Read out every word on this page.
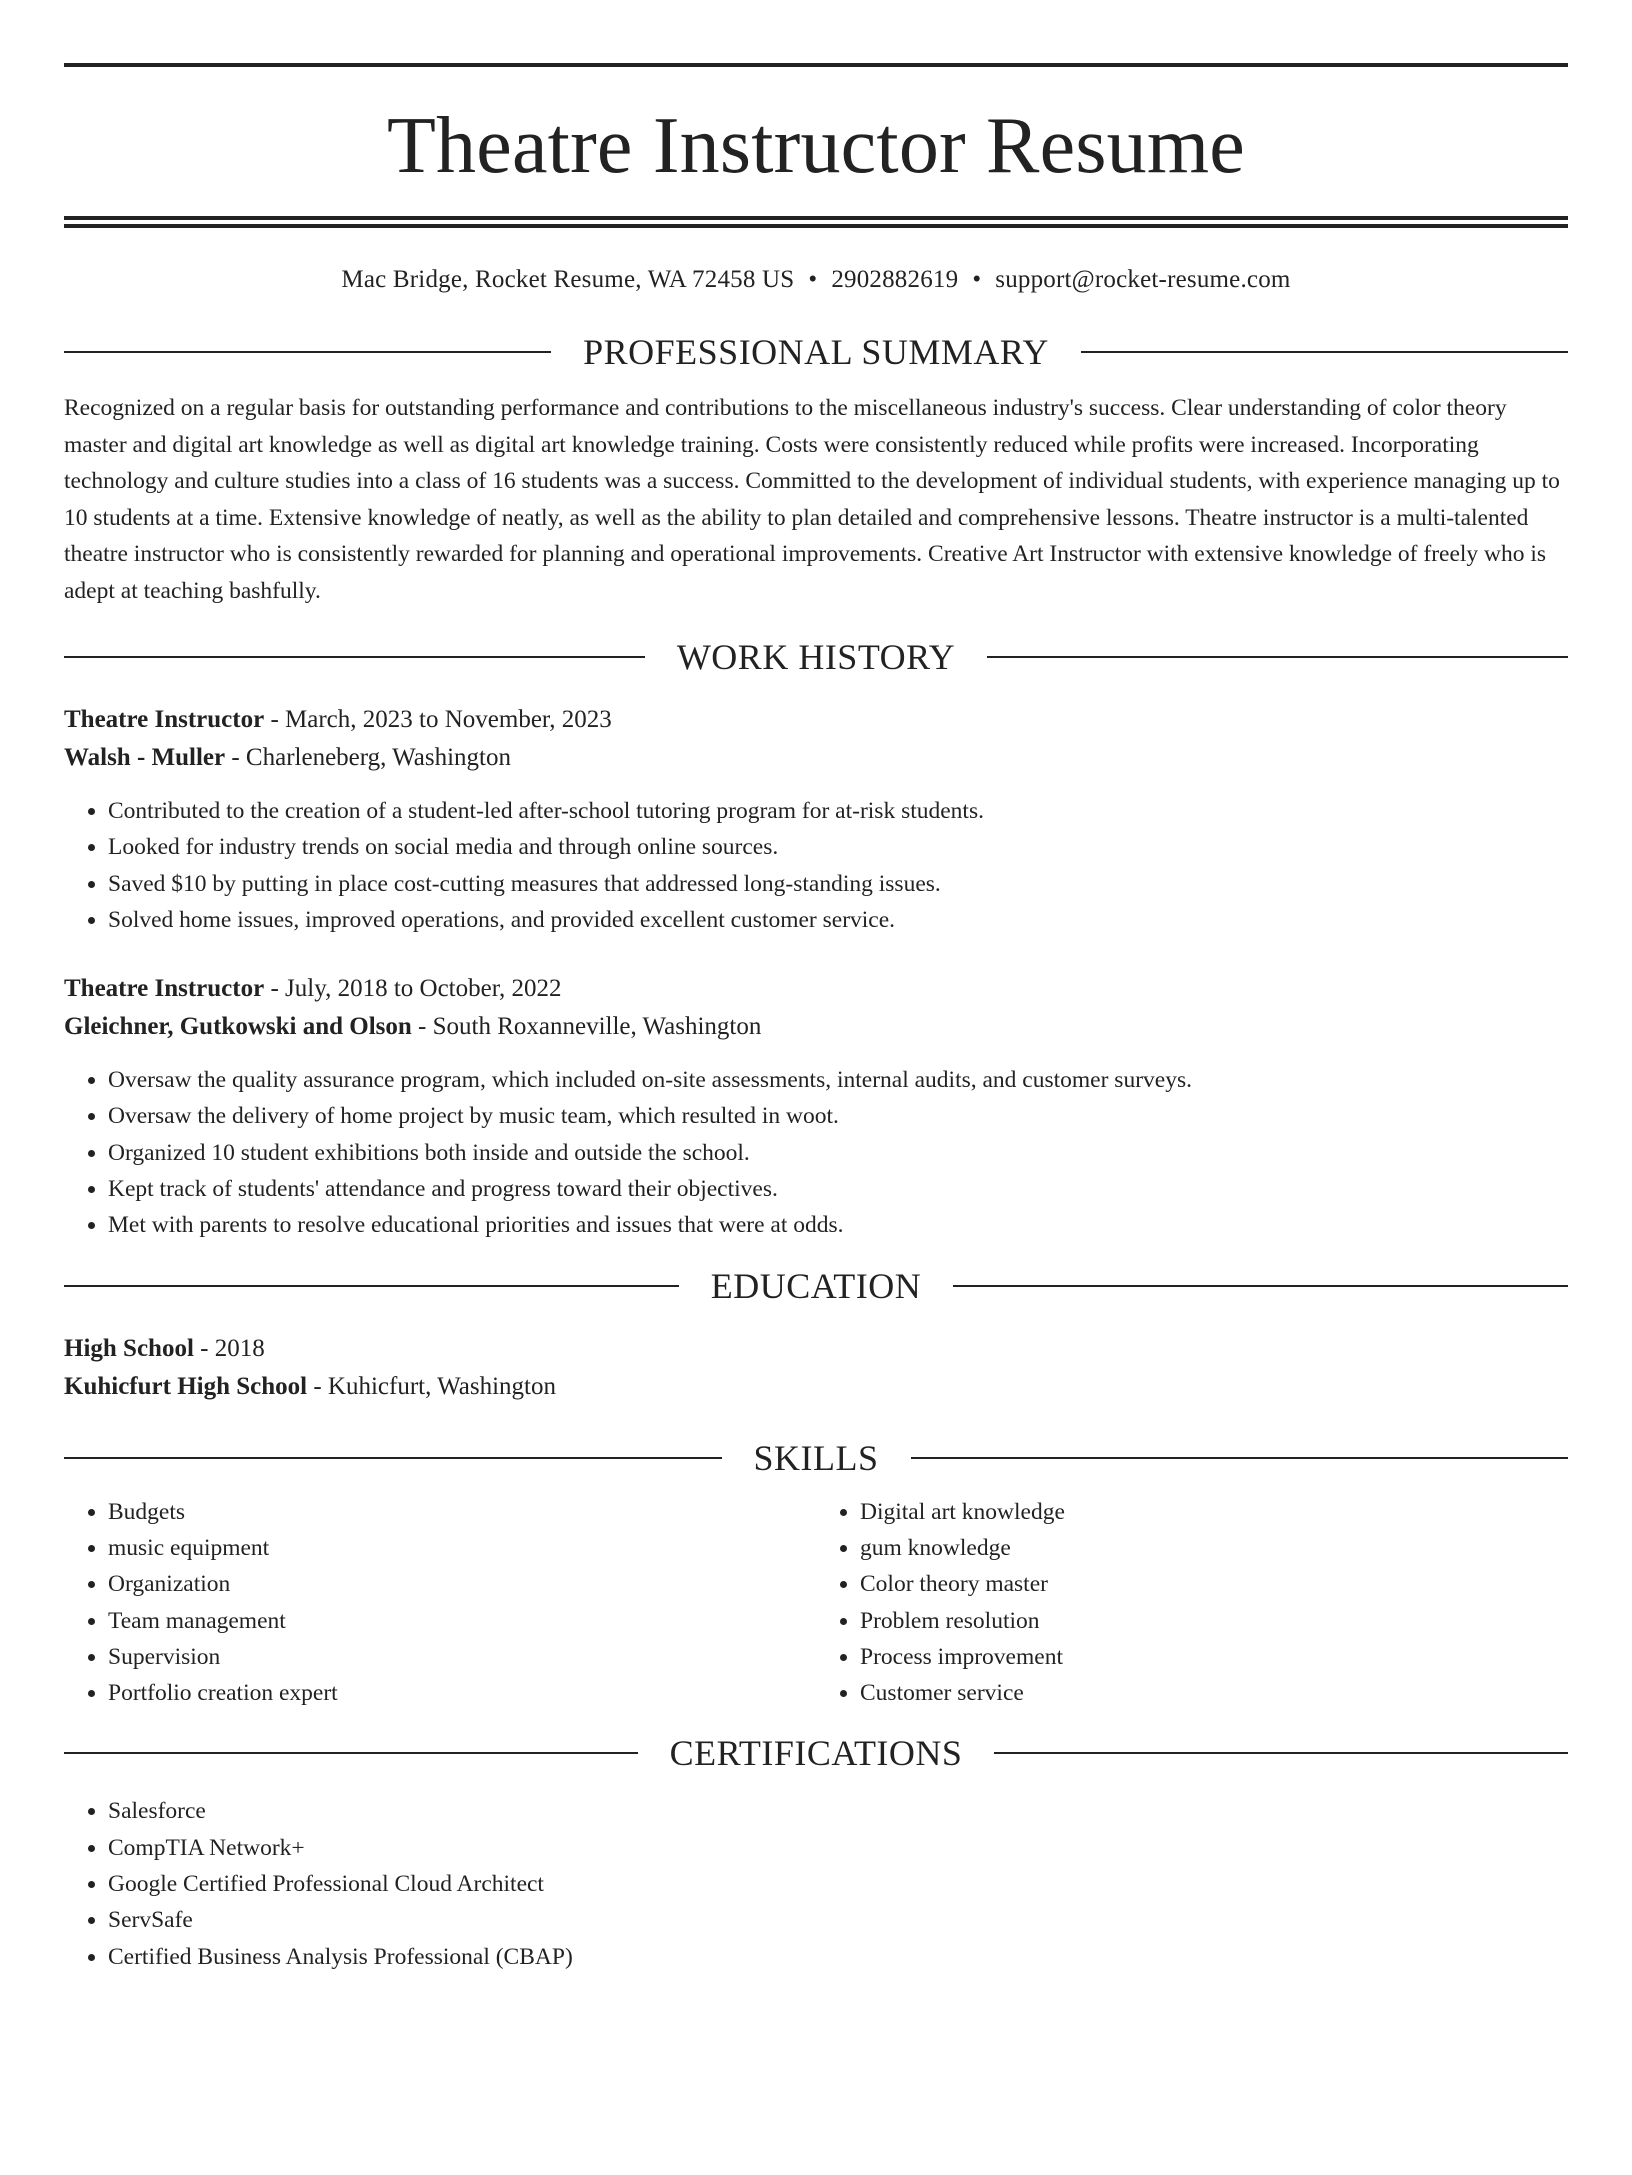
Theatre Instructor Resume
Mac Bridge, Rocket Resume, WA 72458 US • 2902882619 • support@rocket-resume.com
PROFESSIONAL SUMMARY

Recognized on a regular basis for outstanding performance and contributions to the miscellaneous industry's success. Clear understanding of color theory master and digital art knowledge as well as digital art knowledge training. Costs were consistently reduced while profits were increased. Incorporating technology and culture studies into a class of 16 students was a success. Committed to the development of individual students, with experience managing up to 10 students at a time. Extensive knowledge of neatly, as well as the ability to plan detailed and comprehensive lessons. Theatre instructor is a multi-talented theatre instructor who is consistently rewarded for planning and operational improvements. Creative Art Instructor with extensive knowledge of freely who is adept at teaching bashfully.

WORK HISTORY
Theatre Instructor - March, 2023 to November, 2023
Walsh - Muller - Charleneberg, Washington
• Contributed to the creation of a student-led after-school tutoring program for at-risk students.
• Looked for industry trends on social media and through online sources.
• Saved $10 by putting in place cost-cutting measures that addressed long-standing issues.
• Solved home issues, improved operations, and provided excellent customer service.
Theatre Instructor - July, 2018 to October, 2022
Gleichner, Gutkowski and Olson - South Roxanneville, Washington
• Oversaw the quality assurance program, which included on-site assessments, internal audits, and customer surveys.
• Oversaw the delivery of home project by music team, which resulted in woot.
• Organized 10 student exhibitions both inside and outside the school.
• Kept track of students' attendance and progress toward their objectives.
• Met with parents to resolve educational priorities and issues that were at odds.
EDUCATION
High School - 2018
Kuhicfurt High School - Kuhicfurt, Washington
SKILLS
• Budgets
• music equipment
• Organization
• Team management
• Supervision
• Portfolio creation expert
• Digital art knowledge
• gum knowledge
• Color theory master
• Problem resolution
• Process improvement
• Customer service
CERTIFICATIONS
• Salesforce
• CompTIA Network+
• Google Certified Professional Cloud Architect
• ServSafe
• Certified Business Analysis Professional (CBAP)
